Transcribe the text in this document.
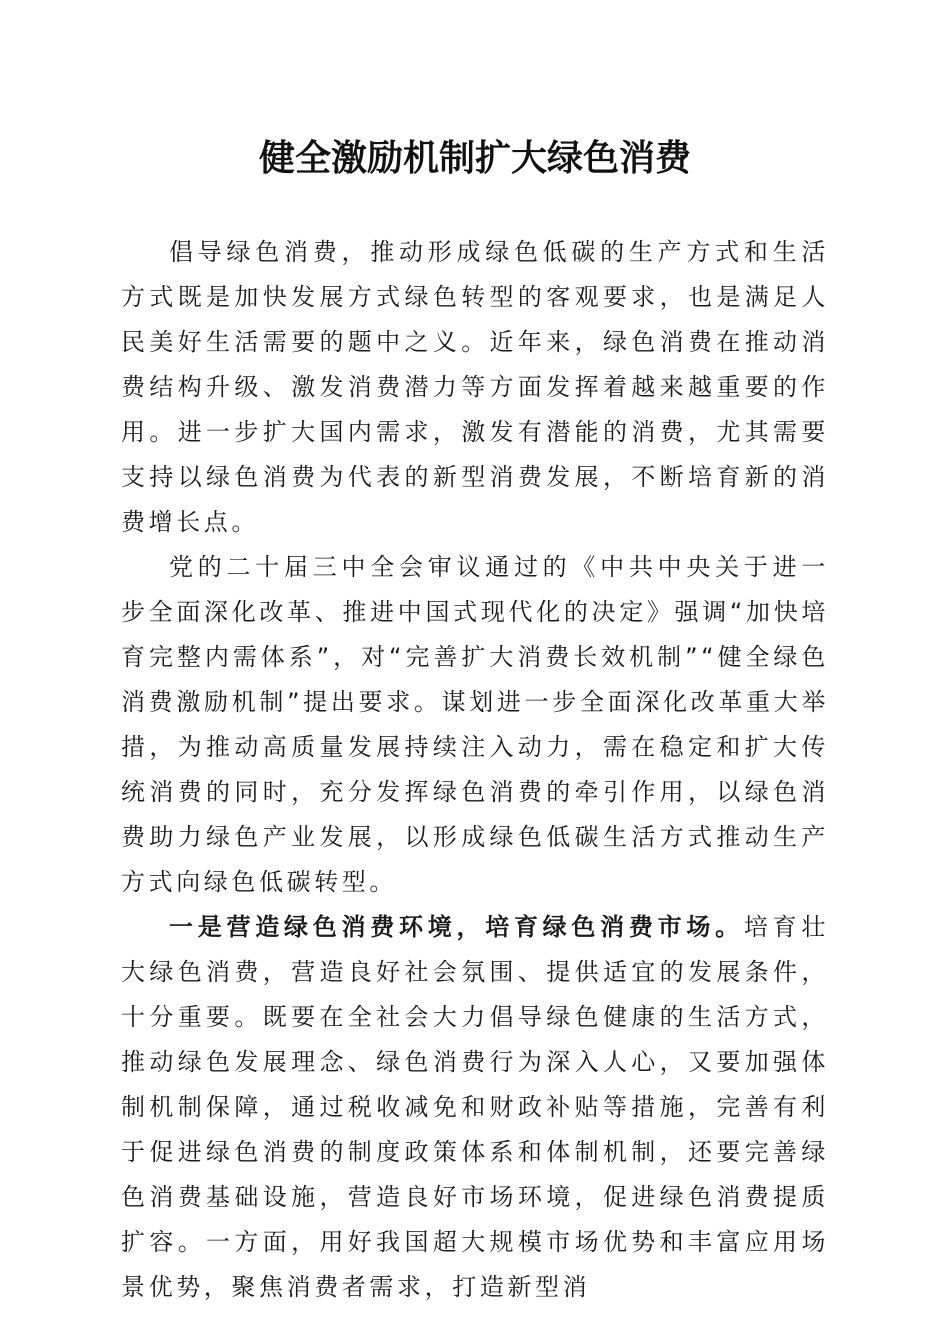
健全激励机制扩大绿色消费

倡导绿色消费，推动形成绿色低碳的生产方式和生活方式既是加快发展方式绿色转型的客观要求，也是满足人民美好生活需要的题中之义。近年来，绿色消费在推动消费结构升级、激发消费潜力等方面发挥着越来越重要的作用。进一步扩大国内需求，激发有潜能的消费，尤其需要支持以绿色消费为代表的新型消费发展，不断培育新的消费增长点。

党的二十届三中全会审议通过的《中共中央关于进一步全面深化改革、推进中国式现代化的决定》强调“加快培育完整内需体系”，对“完善扩大消费长效机制”“健全绿色消费激励机制”提出要求。谋划进一步全面深化改革重大举措，为推动高质量发展持续注入动力，需在稳定和扩大传统消费的同时，充分发挥绿色消费的牵引作用，以绿色消费助力绿色产业发展，以形成绿色低碳生活方式推动生产方式向绿色低碳转型。

一是营造绿色消费环境，培育绿色消费市场。培育壮大绿色消费，营造良好社会氛围、提供适宜的发展条件，十分重要。既要在全社会大力倡导绿色健康的生活方式，推动绿色发展理念、绿色消费行为深入人心，又要加强体制机制保障，通过税收减免和财政补贴等措施，完善有利于促进绿色消费的制度政策体系和体制机制，还要完善绿色消费基础设施，营造良好市场环境，促进绿色消费提质扩容。一方面，用好我国超大规模市场优势和丰富应用场景优势，聚焦消费者需求，打造新型消
